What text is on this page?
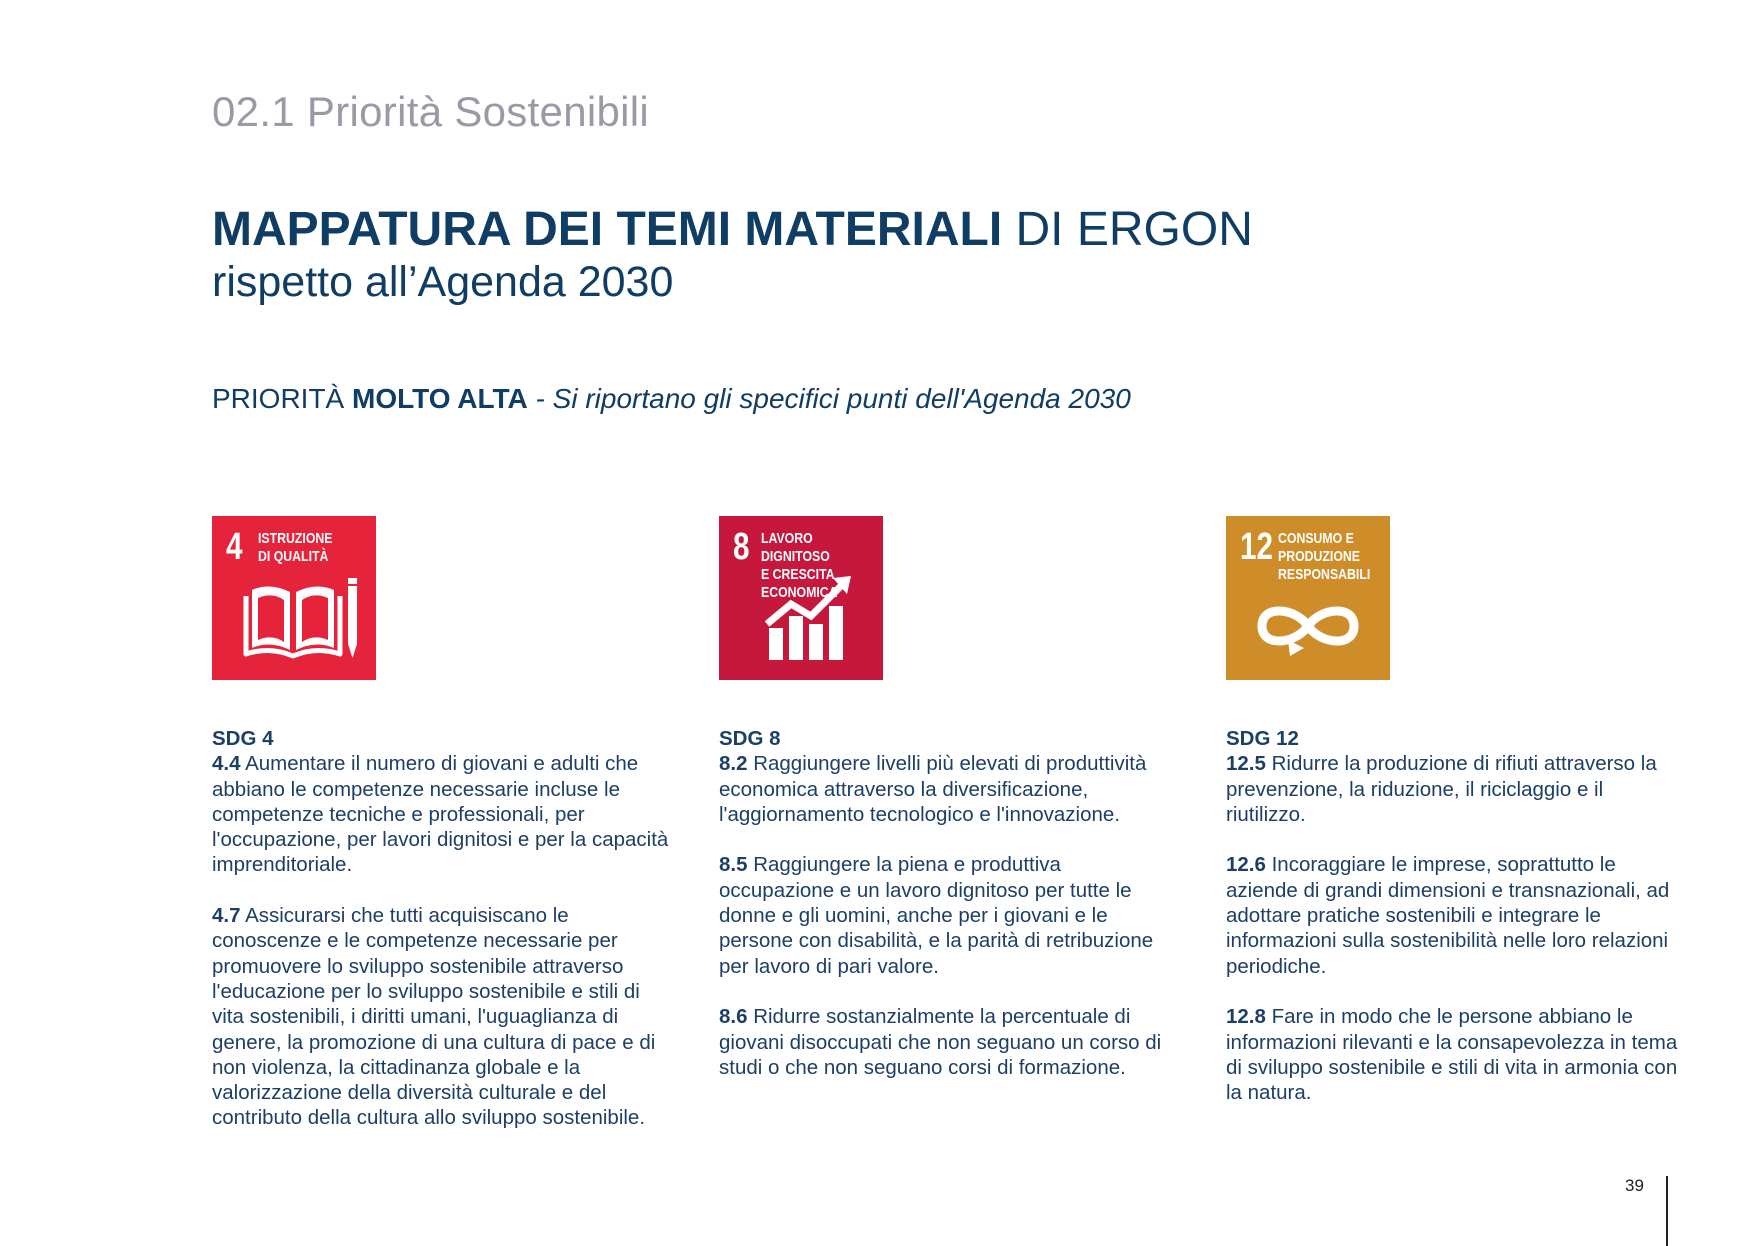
02.1 Priorità Sostenibili
MAPPATURA DEI TEMI MATERIALI DI ERGON
rispetto all’Agenda 2030
PRIORITÀ MOLTO ALTA - Si riportano gli specifici punti dell'Agenda 2030
4 ISTRUZIONE
DI QUALITÀ

SDG 4

4.4 Aumentare il numero di giovani e adulti che abbiano le competenze necessarie incluse le competenze tecniche e professionali, per l'occupazione, per lavori dignitosi e per la capacità imprenditoriale.

4.7 Assicurarsi che tutti acquisiscano le conoscenze e le competenze necessarie per promuovere lo sviluppo sostenibile attraverso l'educazione per lo sviluppo sostenibile e stili di vita sostenibili, i diritti umani, l'uguaglianza di genere, la promozione di una cultura di pace e di non violenza, la cittadinanza globale e la valorizzazione della diversità culturale e del contributo della cultura allo sviluppo sostenibile.

8 LAVORO DIGNITOSO
E CRESCITA
ECONOMICA

SDG 8

8.2 Raggiungere livelli più elevati di produttività economica attraverso la diversificazione, l'aggiornamento tecnologico e l'innovazione.

8.5 Raggiungere la piena e produttiva occupazione e un lavoro dignitoso per tutte le donne e gli uomini, anche per i giovani e le persone con disabilità, e la parità di retribuzione per lavoro di pari valore.

8.6 Ridurre sostanzialmente la percentuale di giovani disoccupati che non seguano un corso di studi o che non seguano corsi di formazione.

12 CONSUMO E
PRODUZIONE
RESPONSABILI

SDG 12

12.5 Ridurre la produzione di rifiuti attraverso la prevenzione, la riduzione, il riciclaggio e il riutilizzo.

12.6 Incoraggiare le imprese, soprattutto le aziende di grandi dimensioni e transnazionali, ad adottare pratiche sostenibili e integrare le informazioni sulla sostenibilità nelle loro relazioni periodiche.

12.8 Fare in modo che le persone abbiano le informazioni rilevanti e la consapevolezza in tema di sviluppo sostenibile e stili di vita in armonia con la natura.

39
